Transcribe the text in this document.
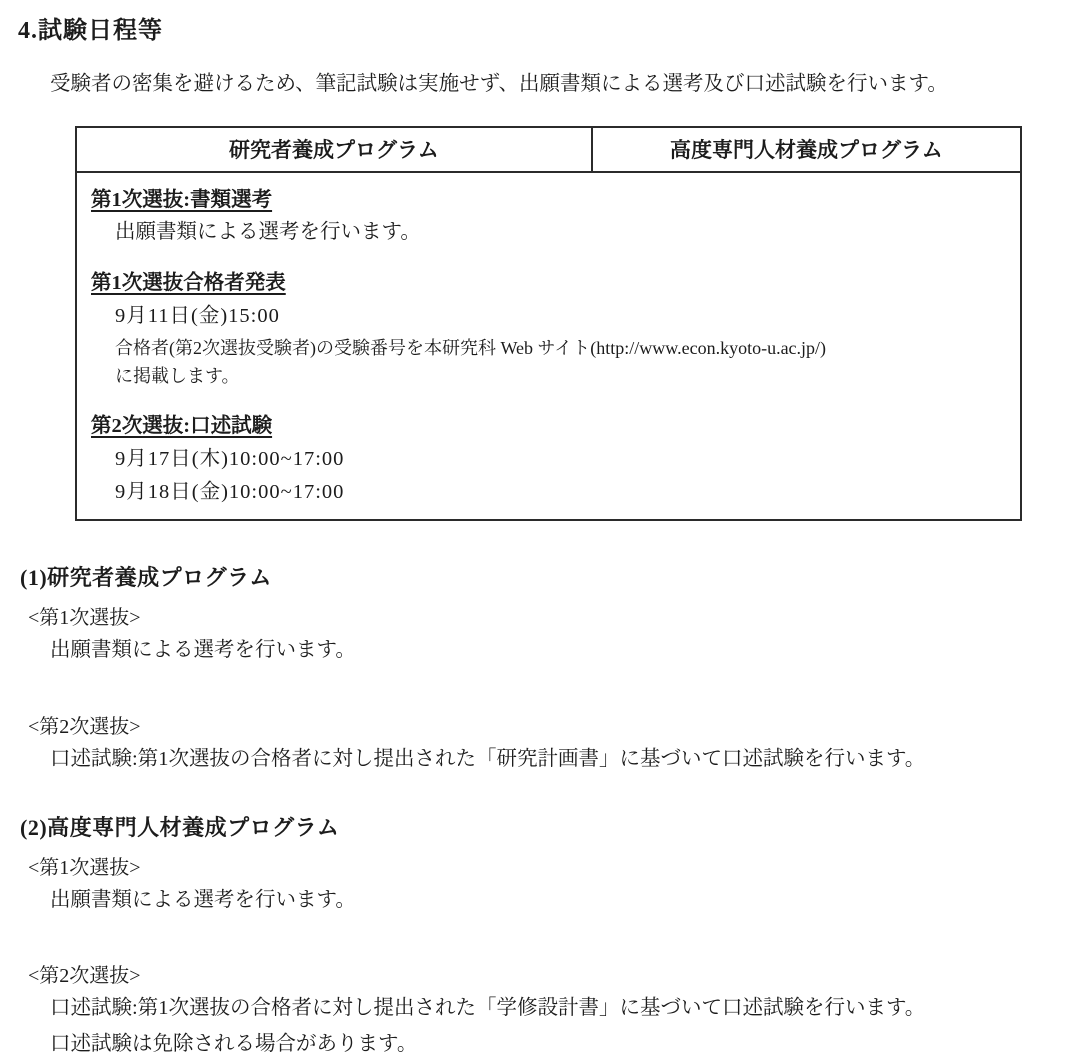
4.試験日程等
受験者の密集を避けるため、筆記試験は実施せず、出願書類による選考及び口述試験を行います。
研究者養成プログラム	高度専門人材養成プログラム
第1次選抜:書類選考
出願書類による選考を行います。
第1次選抜合格者発表
9月11日(金)15:00
合格者(第2次選抜受験者)の受験番号を本研究科 Web サイト(http://www.econ.kyoto-u.ac.jp/)
に掲載します。
第2次選抜:口述試験
9月17日(木)10:00~17:00
9月18日(金)10:00~17:00
(1)研究者養成プログラム
<第1次選抜>
出願書類による選考を行います。
<第2次選抜>
口述試験:第1次選抜の合格者に対し提出された「研究計画書」に基づいて口述試験を行います。
(2)高度専門人材養成プログラム
<第1次選抜>
出願書類による選考を行います。
<第2次選抜>
口述試験:第1次選抜の合格者に対し提出された「学修設計書」に基づいて口述試験を行います。
口述試験は免除される場合があります。
